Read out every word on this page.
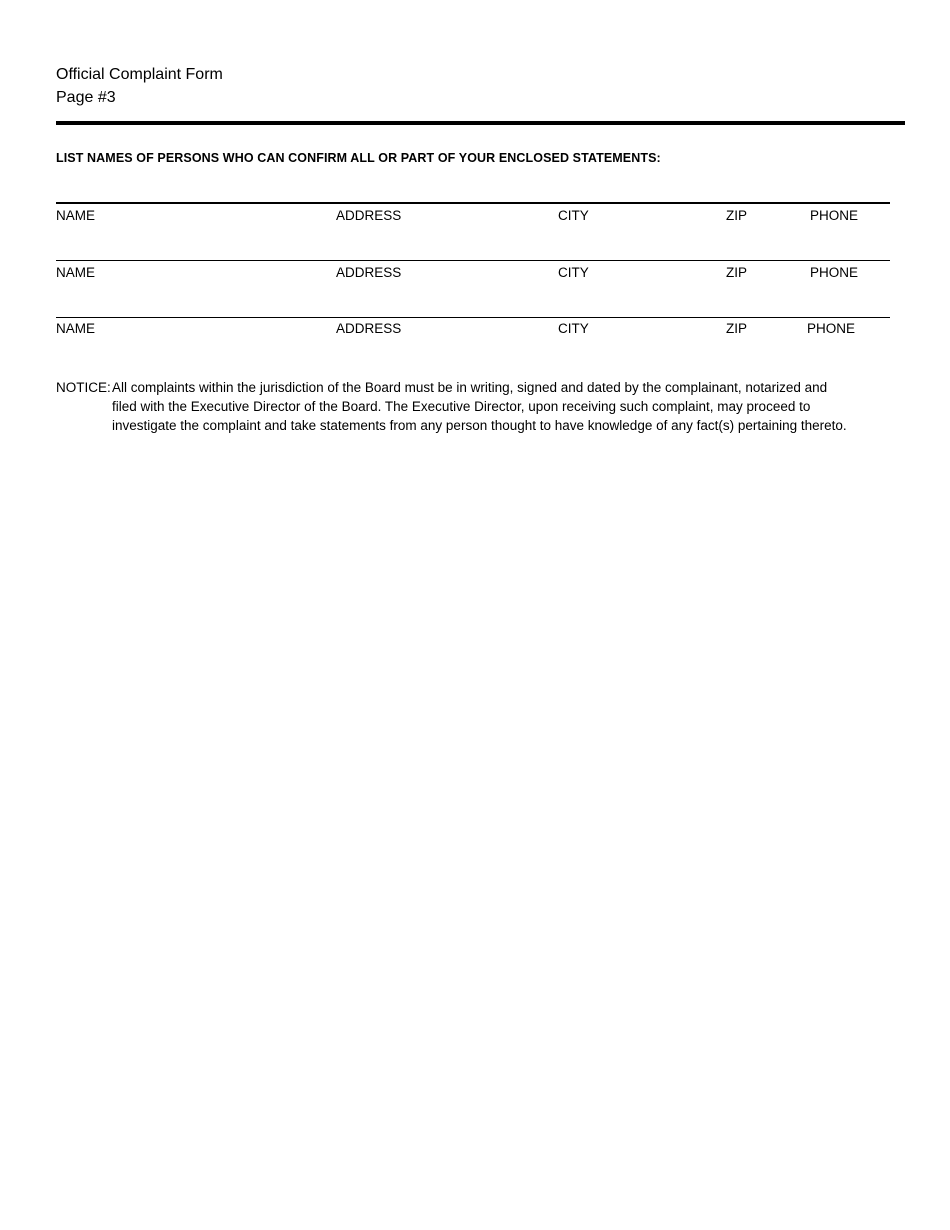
Official Complaint Form
Page #3
LIST NAMES OF PERSONS WHO CAN CONFIRM ALL OR PART OF YOUR ENCLOSED STATEMENTS:
NAME	ADDRESS	CITY	ZIP	PHONE
NAME	ADDRESS	CITY	ZIP	PHONE
NAME	ADDRESS	CITY	ZIP	PHONE
NOTICE: All complaints within the jurisdiction of the Board must be in writing, signed and dated by the complainant, notarized and filed with the Executive Director of the Board. The Executive Director, upon receiving such complaint, may proceed to investigate the complaint and take statements from any person thought to have knowledge of any fact(s) pertaining thereto.
